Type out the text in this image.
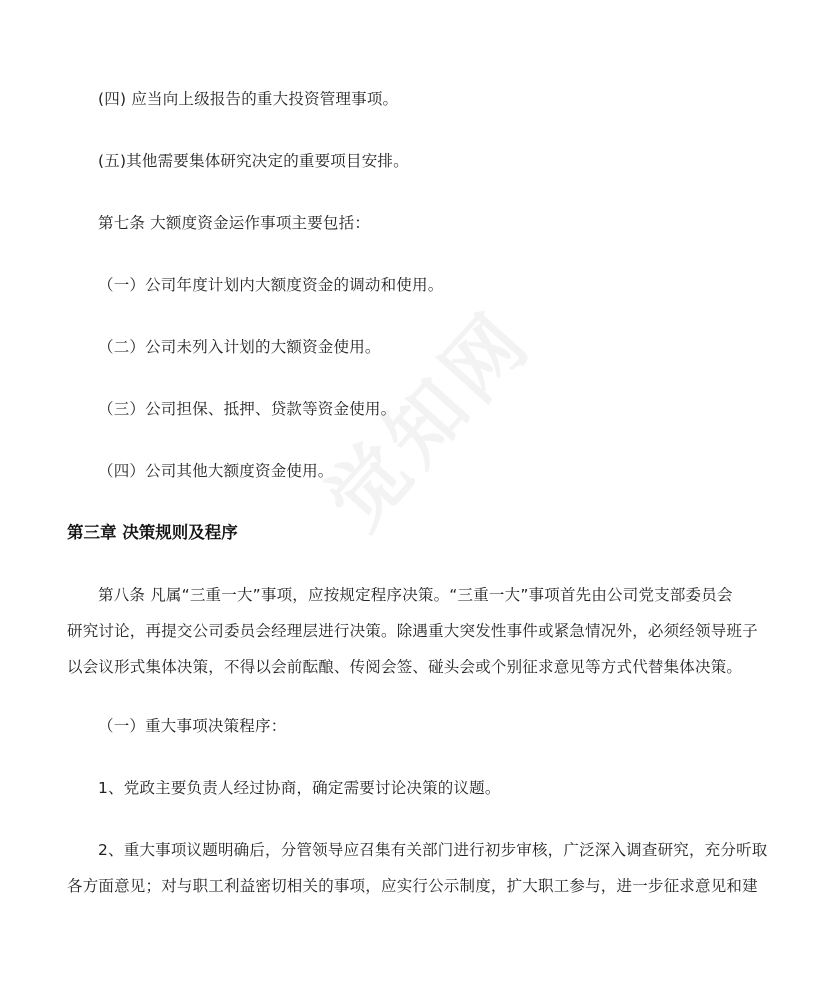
觉知网
(四) 应当向上级报告的重大投资管理事项。
(五)其他需要集体研究决定的重要项目安排。
第七条 大额度资金运作事项主要包括：
（一）公司年度计划内大额度资金的调动和使用。
（二）公司未列入计划的大额资金使用。
（三）公司担保、抵押、贷款等资金使用。
（四）公司其他大额度资金使用。
第三章 决策规则及程序
第八条 凡属“三重一大”事项，应按规定程序决策。“三重一大”事项首先由公司党支部委员会
研究讨论，再提交公司委员会经理层进行决策。除遇重大突发性事件或紧急情况外，必须经领导班子
以会议形式集体决策，不得以会前酝酿、传阅会签、碰头会或个别征求意见等方式代替集体决策。
（一）重大事项决策程序：
1、党政主要负责人经过协商，确定需要讨论决策的议题。
2、重大事项议题明确后，分管领导应召集有关部门进行初步审核，广泛深入调查研究，充分听取
各方面意见；对与职工利益密切相关的事项，应实行公示制度，扩大职工参与，进一步征求意见和建
